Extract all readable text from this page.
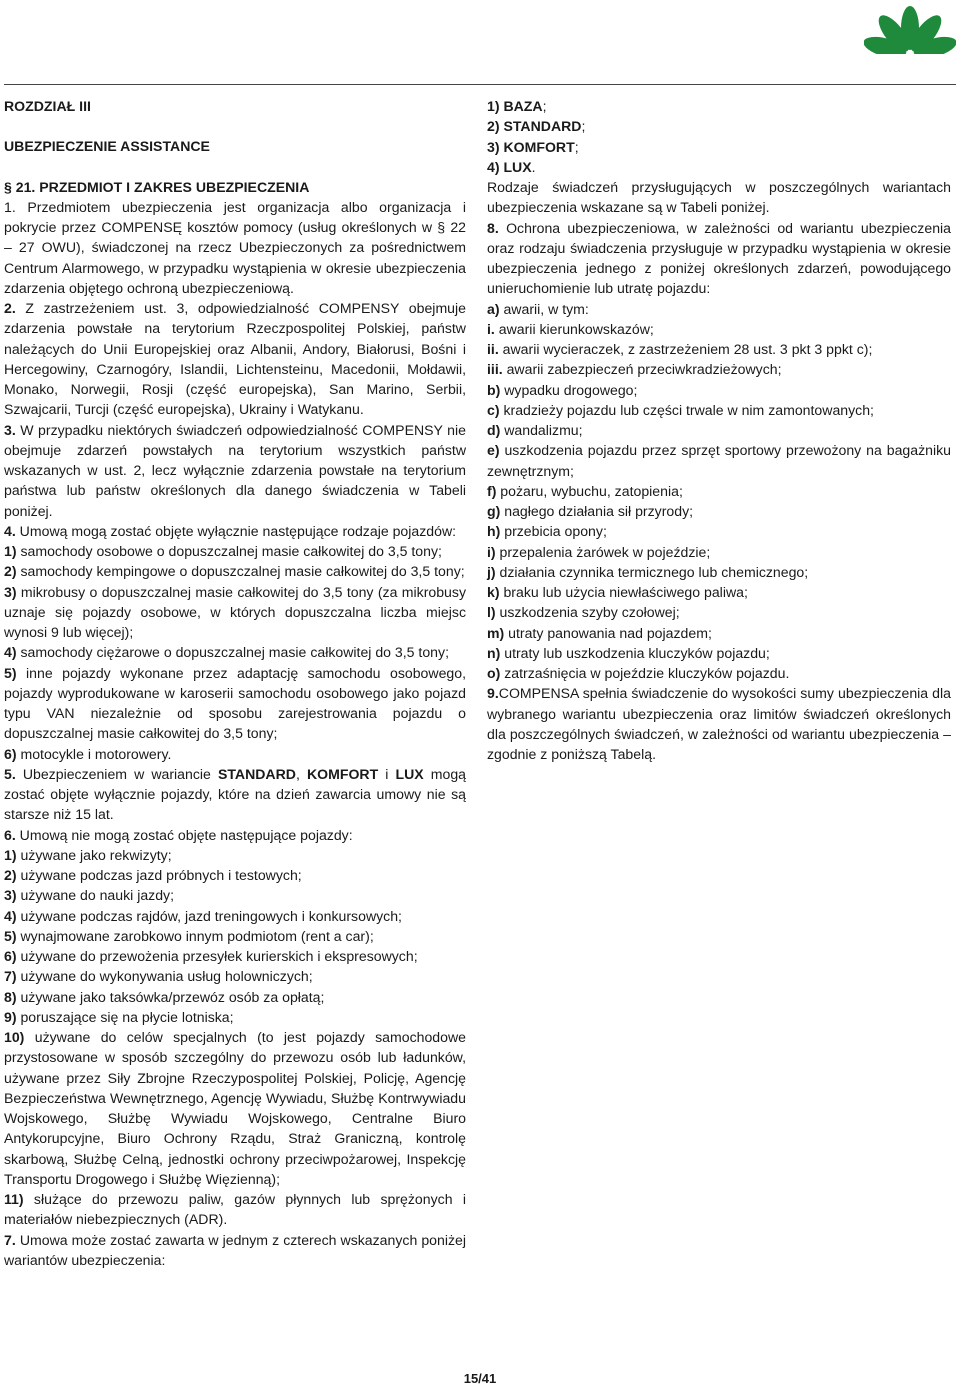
ROZDZIAŁ III

UBEZPIECZENIE ASSISTANCE

§ 21. PRZEDMIOT I ZAKRES UBEZPIECZENIA

1. Przedmiotem ubezpieczenia jest organizacja albo organizacja i pokrycie przez COMPENSĘ kosztów pomocy (usług określonych w § 22 – 27 OWU), świadczonej na rzecz Ubezpieczonych za pośrednictwem Centrum Alarmowego, w przypadku wystąpienia w okresie ubezpieczenia zdarzenia objętego ochroną ubezpieczeniową.

2. Z zastrzeżeniem ust. 3, odpowiedzialność COMPENSY obejmuje zdarzenia powstałe na terytorium Rzeczpospolitej Polskiej, państw należących do Unii Europejskiej oraz Albanii, Andory, Białorusi, Bośni i Hercegowiny, Czarnogóry, Islandii, Lichtensteinu, Macedonii, Mołdawii, Monako, Norwegii, Rosji (część europejska), San Marino, Serbii, Szwajcarii, Turcji (część europejska), Ukrainy i Watykanu.

3. W przypadku niektórych świadczeń odpowiedzialność COMPENSY nie obejmuje zdarzeń powstałych na terytorium wszystkich państw wskazanych w ust. 2, lecz wyłącznie zdarzenia powstałe na terytorium państwa lub państw określonych dla danego świadczenia w Tabeli poniżej.

4. Umową mogą zostać objęte wyłącznie następujące rodzaje pojazdów:

1) samochody osobowe o dopuszczalnej masie całkowitej do 3,5 tony;

2) samochody kempingowe o dopuszczalnej masie całkowitej do 3,5 tony;

3) mikrobusy o dopuszczalnej masie całkowitej do 3,5 tony (za mikrobusy uznaje się pojazdy osobowe, w których dopuszczalna liczba miejsc wynosi 9 lub więcej);

4) samochody ciężarowe o dopuszczalnej masie całkowitej do 3,5 tony;

5) inne pojazdy wykonane przez adaptację samochodu osobowego, pojazdy wyprodukowane w karoserii samochodu osobowego jako pojazd typu VAN niezależnie od sposobu zarejestrowania pojazdu o dopuszczalnej masie całkowitej do 3,5 tony;

6) motocykle i motorowery.

5. Ubezpieczeniem w wariancie STANDARD, KOMFORT i LUX mogą zostać objęte wyłącznie pojazdy, które na dzień zawarcia umowy nie są starsze niż 15 lat.

6. Umową nie mogą zostać objęte następujące pojazdy:

1) używane jako rekwizyty;

2) używane podczas jazd próbnych i testowych;

3) używane do nauki jazdy;

4) używane podczas rajdów, jazd treningowych i konkursowych;

5) wynajmowane zarobkowo innym podmiotom (rent a car);

6) używane do przewożenia przesyłek kurierskich i ekspresowych;

7) używane do wykonywania usług holowniczych;

8) używane jako taksówka/przewóz osób za opłatą;

9) poruszające się na płycie lotniska;

10) używane do celów specjalnych (to jest pojazdy samochodowe przystosowane w sposób szczególny do przewozu osób lub ładunków, używane przez Siły Zbrojne Rzeczypospolitej Polskiej, Policję, Agencję Bezpieczeństwa Wewnętrznego, Agencję Wywiadu, Służbę Kontrwywiadu Wojskowego, Służbę Wywiadu Wojskowego, Centralne Biuro Antykorupcyjne, Biuro Ochrony Rządu, Straż Graniczną, kontrolę skarbową, Służbę Celną, jednostki ochrony przeciwpożarowej, Inspekcję Transportu Drogowego i Służbę Więzienną);

11) służące do przewozu paliw, gazów płynnych lub sprężonych i materiałów niebezpiecznych (ADR).

7. Umowa może zostać zawarta w jednym z czterech wskazanych poniżej wariantów ubezpieczenia:

1) BAZA;

2) STANDARD;

3) KOMFORT;

4) LUX.

Rodzaje świadczeń przysługujących w poszczególnych wariantach ubezpieczenia wskazane są w Tabeli poniżej.

8. Ochrona ubezpieczeniowa, w zależności od wariantu ubezpieczenia oraz rodzaju świadczenia przysługuje w przypadku wystąpienia w okresie ubezpieczenia jednego z poniżej określonych zdarzeń, powodującego unieruchomienie lub utratę pojazdu:

a) awarii, w tym:

i. awarii kierunkowskazów;

ii. awarii wycieraczek, z zastrzeżeniem 28 ust. 3 pkt 3 ppkt c);

iii. awarii zabezpieczeń przeciwkradzieżowych;

b) wypadku drogowego;

c) kradzieży pojazdu lub części trwale w nim zamontowanych;

d) wandalizmu;

e) uszkodzenia pojazdu przez sprzęt sportowy przewożony na bagażniku zewnętrznym;

f) pożaru, wybuchu, zatopienia;

g) nagłego działania sił przyrody;

h) przebicia opony;

i) przepalenia żarówek w pojeździe;

j) działania czynnika termicznego lub chemicznego;

k) braku lub użycia niewłaściwego paliwa;

l) uszkodzenia szyby czołowej;

m) utraty panowania nad pojazdem;

n) utraty lub uszkodzenia kluczyków pojazdu;

o) zatrzaśnięcia w pojeździe kluczyków pojazdu.

9.COMPENSA spełnia świadczenie do wysokości sumy ubezpieczenia dla wybranego wariantu ubezpieczenia oraz limitów świadczeń określonych dla poszczególnych świadczeń, w zależności od wariantu ubezpieczenia – zgodnie z poniższą Tabelą.

15/41
